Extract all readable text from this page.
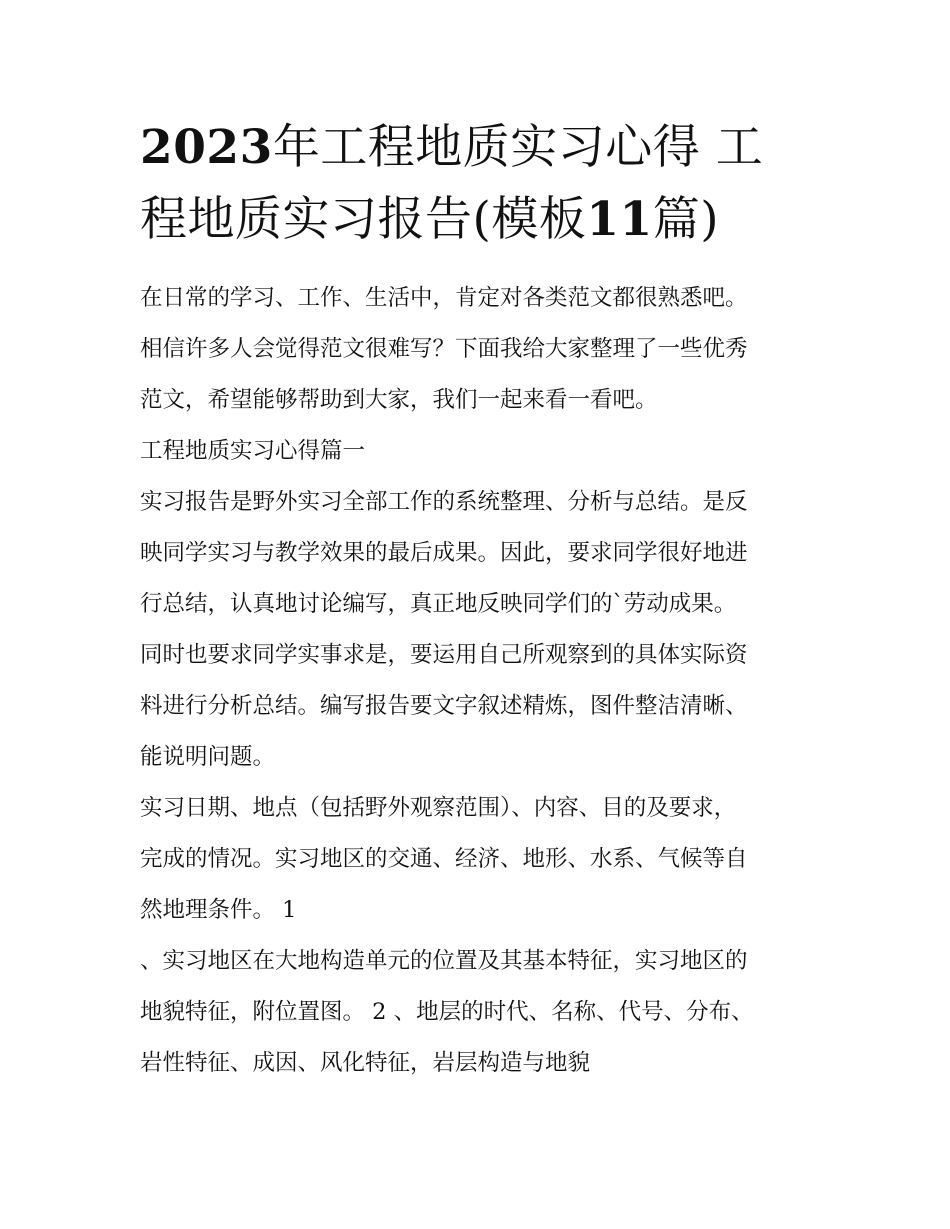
2023年工程地质实习心得 工
程地质实习报告(模板11篇)

在日常的学习、工作、生活中，肯定对各类范文都很熟悉吧。

相信许多人会觉得范文很难写？下面我给大家整理了一些优秀

范文，希望能够帮助到大家，我们一起来看一看吧。

工程地质实习心得篇一

实习报告是野外实习全部工作的系统整理、分析与总结。是反

映同学实习与教学效果的最后成果。因此，要求同学很好地进

行总结，认真地讨论编写，真正地反映同学们的`劳动成果。

同时也要求同学实事求是，要运用自己所观察到的具体实际资

料进行分析总结。编写报告要文字叙述精炼，图件整洁清晰、

能说明问题。

实习日期、地点（包括野外观察范围）、内容、目的及要求，

完成的情况。实习地区的交通、经济、地形、水系、气候等自

然地理条件。 1

、实习地区在大地构造单元的位置及其基本特征，实习地区的

地貌特征，附位置图。 2 、地层的时代、名称、代号、分布、

岩性特征、成因、风化特征，岩层构造与地貌
